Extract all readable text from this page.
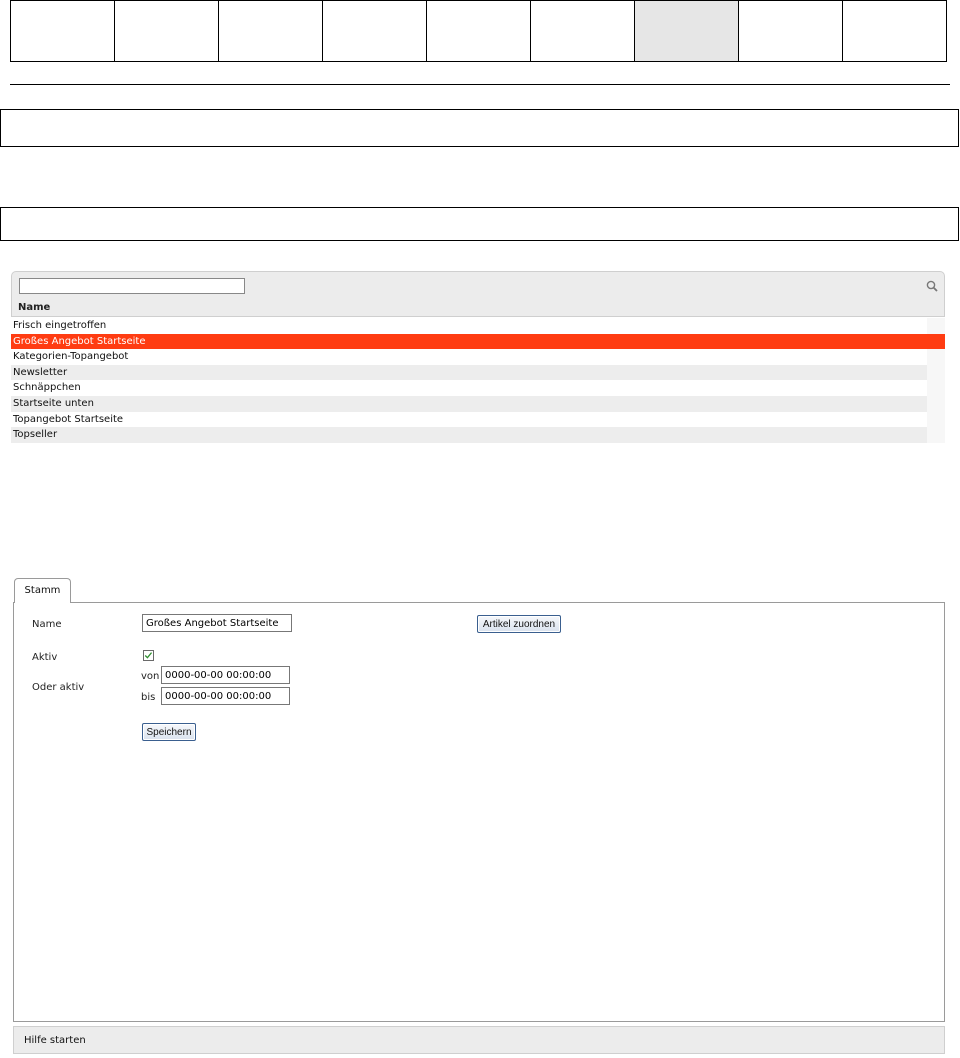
Name
Frisch eingetroffen
Großes Angebot Startseite
Kategorien-Topangebot
Newsletter
Schnäppchen
Startseite unten
Topangebot Startseite
Topseller
Stamm
Name
Großes Angebot Startseite	Artikel zuordnen
Aktiv
Oder aktiv
von
0000-00-00 00:00:00
bis
0000-00-00 00:00:00
Speichern
Hilfe starten
